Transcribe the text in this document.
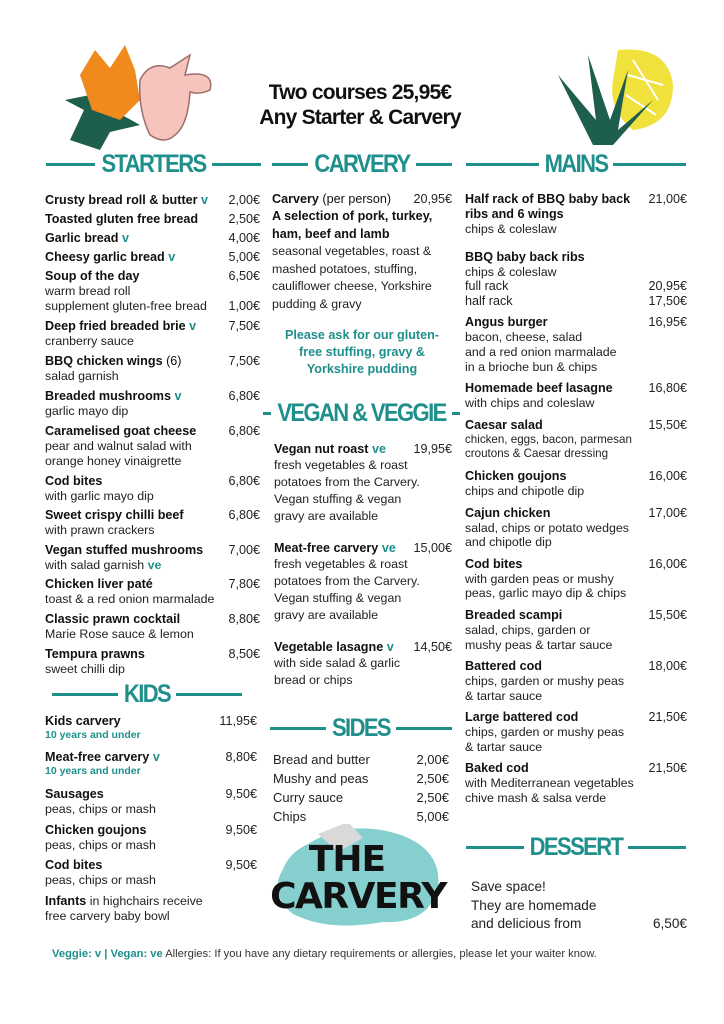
Two courses 25,95€
Any Starter & Carvery
STARTERS	CARVERY	MAINS
KIDS
VEGAN & VEGGIE
SIDES
DESSERT
Crusty bread roll & butter v	2,00€
Toasted gluten free bread	2,50€
Garlic bread v	4,00€
Cheesy garlic bread v	5,00€
Soup of the day	6,50€
warm bread roll
supplement gluten-free bread	1,00€
Deep fried breaded brie v	7,50€
cranberry sauce
BBQ chicken wings (6)	7,50€
salad garnish
Breaded mushrooms v	6,80€
garlic mayo dip
Caramelised goat cheese	6,80€
pear and walnut salad with
orange honey vinaigrette
Cod bites	6,80€
with garlic mayo dip
Sweet crispy chilli beef	6,80€
with prawn crackers
Vegan stuffed mushrooms	7,00€
with salad garnish ve
Chicken liver paté	7,80€
toast & a red onion marmalade
Classic prawn cocktail	8,80€
Marie Rose sauce & lemon
Tempura prawns	8,50€
sweet chilli dip
Kids carvery	11,95€
10 years and under
Meat-free carvery v	8,80€
10 years and under
Sausages	9,50€
peas, chips or mash
Chicken goujons	9,50€
peas, chips or mash
Cod bites	9,50€
peas, chips or mash
Infants in highchairs receive
free carvery baby bowl
Carvery (per person)	20,95€
A selection of pork, turkey,
ham, beef and lamb
seasonal vegetables, roast &
mashed potatoes, stuffing,
cauliflower cheese, Yorkshire
pudding & gravy
Please ask for our gluten-
free stuffing, gravy &
Yorkshire pudding
Vegan nut roast ve	19,95€
fresh vegetables & roast
potatoes from the Carvery.
Vegan stuffing & vegan
gravy are available
Meat-free carvery ve	15,00€
fresh vegetables & roast
potatoes from the Carvery.
Vegan stuffing & vegan
gravy are available
Vegetable lasagne v	14,50€
with side salad & garlic
bread or chips
Bread and butter	2,00€
Mushy and peas	2,50€
Curry sauce	2,50€
Chips	5,00€
THE
CARVERY
Half rack of BBQ baby back	21,00€
ribs and 6 wings
chips & coleslaw
BBQ baby back ribs
chips & coleslaw
full rack	20,95€
half rack	17,50€
Angus burger	16,95€
bacon, cheese, salad
and a red onion marmalade
in a brioche bun & chips
Homemade beef lasagne	16,80€
with chips and coleslaw
Caesar salad	15,50€
chicken, eggs, bacon, parmesan
croutons & Caesar dressing
Chicken goujons	16,00€
chips and chipotle dip
Cajun chicken	17,00€
salad, chips or potato wedges
and chipotle dip
Cod bites	16,00€
with garden peas or mushy
peas, garlic mayo dip & chips
Breaded scampi	15,50€
salad, chips, garden or
mushy peas & tartar sauce
Battered cod	18,00€
chips, garden or mushy peas
& tartar sauce
Large battered cod	21,50€
chips, garden or mushy peas
& tartar sauce
Baked cod	21,50€
with Mediterranean vegetables
chive mash & salsa verde
Save space!
They are homemade
and delicious from	6,50€
Veggie: v | Vegan: ve Allergies: If you have any dietary requirements or allergies, please let your waiter know.
